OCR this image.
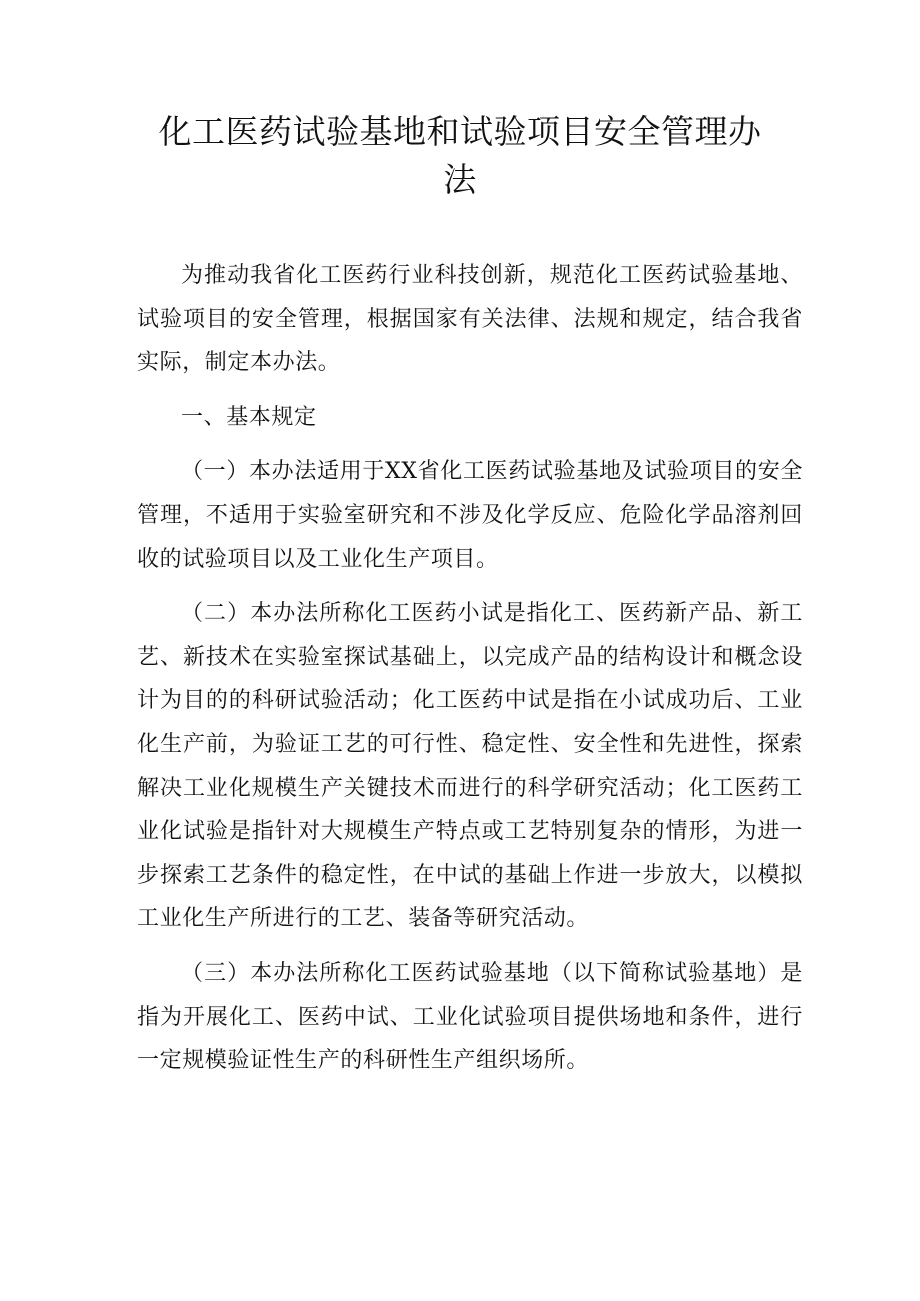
化工医药试验基地和试验项目安全管理办法

为推动我省化工医药行业科技创新，规范化工医药试验基地、试验项目的安全管理，根据国家有关法律、法规和规定，结合我省实际，制定本办法。

一、基本规定

（一）本办法适用于XX省化工医药试验基地及试验项目的安全管理，不适用于实验室研究和不涉及化学反应、危险化学品溶剂回收的试验项目以及工业化生产项目。

（二）本办法所称化工医药小试是指化工、医药新产品、新工艺、新技术在实验室探试基础上，以完成产品的结构设计和概念设计为目的的科研试验活动；化工医药中试是指在小试成功后、工业化生产前，为验证工艺的可行性、稳定性、安全性和先进性，探索解决工业化规模生产关键技术而进行的科学研究活动；化工医药工业化试验是指针对大规模生产特点或工艺特别复杂的情形，为进一步探索工艺条件的稳定性，在中试的基础上作进一步放大，以模拟工业化生产所进行的工艺、装备等研究活动。

（三）本办法所称化工医药试验基地（以下简称试验基地）是指为开展化工、医药中试、工业化试验项目提供场地和条件，进行一定规模验证性生产的科研性生产组织场所。
